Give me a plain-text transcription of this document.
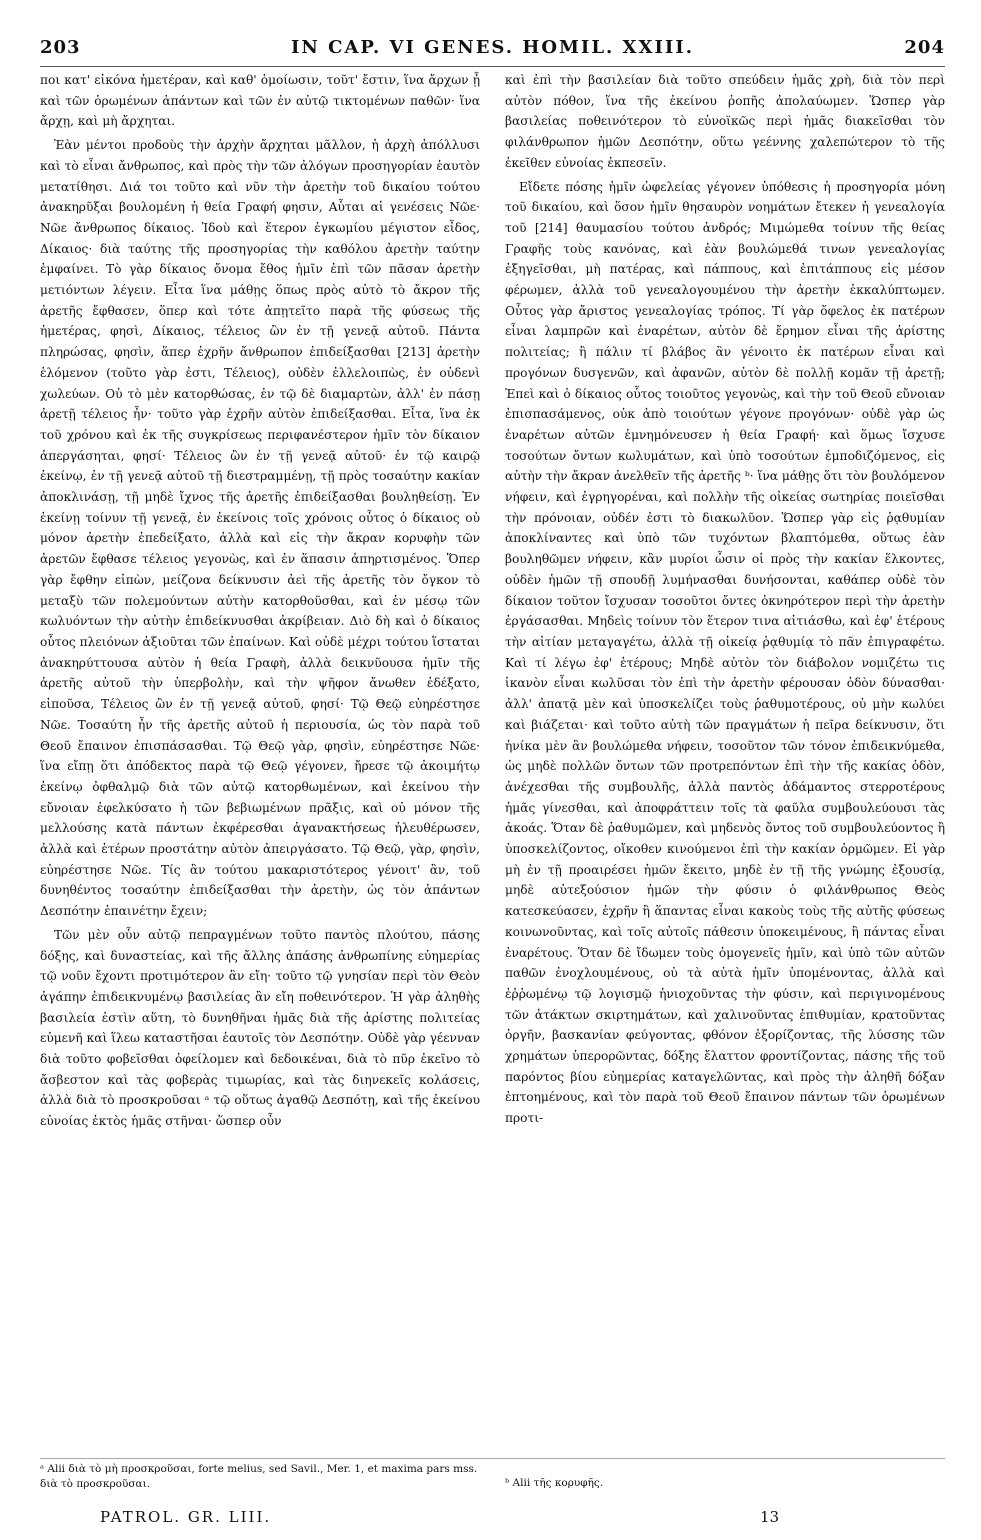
203	IN CAP. VI GENES. HOMIL. XXIII.	204

ποι κατ' εἰκόνα ἡμετέραν, καὶ καθ' ὁμοίωσιν, τοῦτ' ἔστιν, ἵνα ἄρχων ᾖ καὶ τῶν ὁρωμένων ἁπάντων καὶ τῶν ἐν αὐτῷ τικτομένων παθῶν· ἵνα ἄρχῃ, καὶ μὴ ἄρχηται.

Ἐὰν μέντοι προδοὺς τὴν ἀρχὴν ἄρχηται μᾶλλον, ἡ ἀρχὴ ἀπόλλυσι καὶ τὸ εἶναι ἄνθρωπος, καὶ πρὸς τὴν τῶν ἀλόγων προσηγορίαν ἑαυτὸν μετατίθησι. Διά τοι τοῦτο καὶ νῦν τὴν ἀρετὴν τοῦ δικαίου τούτου ἀνακηρῦξαι βουλομένη ἡ θεία Γραφή φησιν, Αὗται αἱ γενέσεις Νῶε· Νῶε ἄνθρωπος δίκαιος. Ἰδοὺ καὶ ἕτερον ἐγκωμίου μέγιστον εἶδος, Δίκαιος· διὰ ταύτης τῆς προσηγορίας τὴν καθόλου ἀρετὴν ταύτην ἐμφαίνει. Τὸ γὰρ δίκαιος ὄνομα ἔθος ἡμῖν ἐπὶ τῶν πᾶσαν ἀρετὴν μετιόντων λέγειν. Εἶτα ἵνα μάθῃς ὅπως πρὸς αὐτὸ τὸ ἄκρον τῆς ἀρετῆς ἔφθασεν, ὅπερ καὶ τότε ἀπῃτεῖτο παρὰ τῆς φύσεως τῆς ἡμετέρας, φησὶ, Δίκαιος, τέλειος ὢν ἐν τῇ γενεᾷ αὐτοῦ. Πάντα πληρώσας, φησὶν, ἅπερ ἐχρῆν ἄνθρωπον ἐπιδείξασθαι [213] ἀρετὴν ἑλόμενον (τοῦτο γὰρ ἐστι, Τέλειος), οὐδὲν ἐλλελοιπὼς, ἐν οὐδενὶ χωλεύων. Οὐ τὸ μὲν κατορθώσας, ἐν τῷ δὲ διαμαρτὼν, ἀλλ' ἐν πάσῃ ἀρετῇ τέλειος ἦν· τοῦτο γὰρ ἐχρῆν αὐτὸν ἐπιδείξασθαι. Εἶτα, ἵνα ἐκ τοῦ χρόνου καὶ ἐκ τῆς συγκρίσεως περιφανέστερον ἡμῖν τὸν δίκαιον ἀπεργάσηται, φησί· Τέλειος ὢν ἐν τῇ γενεᾷ αὐτοῦ· ἐν τῷ καιρῷ ἐκείνῳ, ἐν τῇ γενεᾷ αὐτοῦ τῇ διεστραμμένῃ, τῇ πρὸς τοσαύτην κακίαν ἀποκλινάσῃ, τῇ μηδὲ ἴχνος τῆς ἀρετῆς ἐπιδείξασθαι βουληθείσῃ. Ἐν ἐκείνῃ τοίνυν τῇ γενεᾷ, ἐν ἐκείνοις τοῖς χρόνοις οὗτος ὁ δίκαιος οὐ μόνον ἀρετὴν ἐπεδείξατο, ἀλλὰ καὶ εἰς τὴν ἄκραν κορυφὴν τῶν ἀρετῶν ἔφθασε τέλειος γεγονὼς, καὶ ἐν ἅπασιν ἀπηρτισμένος. Ὅπερ γὰρ ἔφθην εἰπὼν, μείζονα δείκνυσιν ἀεὶ τῆς ἀρετῆς τὸν ὄγκον τὸ μεταξὺ τῶν πολεμούντων αὐτὴν κατορθοῦσθαι, καὶ ἐν μέσῳ τῶν κωλυόντων τὴν αὐτὴν ἐπιδείκνυσθαι ἀκρίβειαν. Διὸ δὴ καὶ ὁ δίκαιος οὗτος πλειόνων ἀξιοῦται τῶν ἐπαίνων. Καὶ οὐδὲ μέχρι τούτου ἵσταται ἀνακηρύττουσα αὐτὸν ἡ θεία Γραφὴ, ἀλλὰ δεικνῦουσα ἡμῖν τῆς ἀρετῆς αὐτοῦ τὴν ὑπερβολὴν, καὶ τὴν ψῆφον ἄνωθεν ἐδέξατο, εἰποῦσα, Τέλειος ὢν ἐν τῇ γενεᾷ αὐτοῦ, φησί· Τῷ Θεῷ εὐηρέστησε Νῶε. Τοσαύτη ἦν τῆς ἀρετῆς αὐτοῦ ἡ περιουσία, ὡς τὸν παρὰ τοῦ Θεοῦ ἔπαινον ἐπισπάσασθαι. Τῷ Θεῷ γὰρ, φησὶν, εὐηρέστησε Νῶε· ἵνα εἴπῃ ὅτι ἀπόδεκτος παρὰ τῷ Θεῷ γέγονεν, ἤρεσε τῷ ἀκοιμήτῳ ἐκείνῳ ὀφθαλμῷ διὰ τῶν αὐτῷ κατορθωμένων, καὶ ἐκείνου τὴν εὔνοιαν ἐφελκύσατο ἡ τῶν βεβιωμένων πρᾶξις, καὶ οὐ μόνον τῆς μελλούσης κατὰ πάντων ἐκφέρεσθαι ἀγανακτήσεως ἠλευθέρωσεν, ἀλλὰ καὶ ἑτέρων προστάτην αὐτὸν ἀπειργάσατο. Τῷ Θεῷ, γὰρ, φησὶν, εὐηρέστησε Νῶε. Τίς ἂν τούτου μακαριστότερος γένοιτ' ἂν, τοῦ δυνηθέντος τοσαύτην ἐπιδείξασθαι τὴν ἀρετὴν, ὡς τὸν ἁπάντων Δεσπότην ἐπαινέτην ἔχειν;

Τῶν μὲν οὖν αὐτῷ πεπραγμένων τοῦτο παντὸς πλούτου, πάσης δόξης, καὶ δυναστείας, καὶ τῆς ἄλλης ἁπάσης ἀνθρωπίνης εὐημερίας τῷ νοῦν ἔχοντι προτιμότερον ἂν εἴη· τοῦτο τῷ γνησίαν περὶ τὸν Θεὸν ἀγάπην ἐπιδεικνυμένῳ βασιλείας ἂν εἴη ποθεινότερον. Ἡ γὰρ ἀληθὴς βασιλεία ἐστὶν αὕτη, τὸ δυνηθῆναι ἡμᾶς διὰ τῆς ἀρίστης πολιτείας εὐμενῆ καὶ ἵλεω καταστῆσαι ἑαυτοῖς τὸν Δεσπότην. Οὐδὲ γὰρ γέενναν διὰ τοῦτο φοβεῖσθαι ὀφείλομεν καὶ δεδοικέναι, διὰ τὸ πῦρ ἐκεῖνο τὸ ἄσβεστον καὶ τὰς φοβερὰς τιμωρίας, καὶ τὰς διηνεκεῖς κολάσεις, ἀλλὰ διὰ τὸ προσκροῦσαι ᵃ τῷ οὕτως ἀγαθῷ Δεσπότῃ, καὶ τῆς ἐκείνου εὐνοίας ἐκτὸς ἡμᾶς στῆναι· ὥσπερ οὖν

καὶ ἐπὶ τὴν βασιλείαν διὰ τοῦτο σπεύδειν ἡμᾶς χρὴ, διὰ τὸν περὶ αὐτὸν πόθον, ἵνα τῆς ἐκείνου ῥοπῆς ἀπολαύωμεν. Ὥσπερ γὰρ βασιλείας ποθεινότερον τὸ εὐνοϊκῶς περὶ ἡμᾶς διακεῖσθαι τὸν φιλάνθρωπον ἡμῶν Δεσπότην, οὕτω γεέννης χαλεπώτερον τὸ τῆς ἐκεῖθεν εὐνοίας ἐκπεσεῖν.

Εἴδετε πόσης ἡμῖν ὠφελείας γέγονεν ὑπόθεσις ἡ προσηγορία μόνη τοῦ δικαίου, καὶ ὅσον ἡμῖν θησαυρὸν νοημάτων ἔτεκεν ἡ γενεαλογία τοῦ [214] θαυμασίου τούτου ἀνδρός; Μιμώμεθα τοίνυν τῆς θείας Γραφῆς τοὺς κανόνας, καὶ ἐὰν βουλώμεθά τινων γενεαλογίας ἐξηγεῖσθαι, μὴ πατέρας, καὶ πάππους, καὶ ἐπιτάππους εἰς μέσον φέρωμεν, ἀλλὰ τοῦ γενεαλογουμένου τὴν ἀρετὴν ἐκκαλύπτωμεν. Οὗτος γὰρ ἄριστος γενεαλογίας τρόπος. Τί γὰρ ὄφελος ἐκ πατέρων εἶναι λαμπρῶν καὶ ἐναρέτων, αὐτὸν δὲ ἔρημον εἶναι τῆς ἀρίστης πολιτείας; ἢ πάλιν τί βλάβος ἂν γένοιτο ἐκ πατέρων εἶναι καὶ προγόνων δυσγενῶν, καὶ ἀφανῶν, αὐτὸν δὲ πολλῇ κομᾶν τῇ ἀρετῇ; Ἐπεὶ καὶ ὁ δίκαιος οὗτος τοιοῦτος γεγονὼς, καὶ τὴν τοῦ Θεοῦ εὔνοιαν ἐπισπασάμενος, οὐκ ἀπὸ τοιούτων γέγονε προγόνων· οὐδὲ γὰρ ὡς ἐναρέτων αὐτῶν ἐμνημόνευσεν ἡ θεία Γραφή· καὶ ὅμως ἴσχυσε τοσούτων ὄντων κωλυμάτων, καὶ ὑπὸ τοσούτων ἐμποδιζόμενος, εἰς αὐτὴν τὴν ἄκραν ἀνελθεῖν τῆς ἀρετῆς ᵇ· ἵνα μάθῃς ὅτι τὸν βουλόμενον νήφειν, καὶ ἐγρηγορέναι, καὶ πολλὴν τῆς οἰκείας σωτηρίας ποιεῖσθαι τὴν πρόνοιαν, οὐδέν ἐστι τὸ διακωλῦον. Ὥσπερ γὰρ εἰς ῥᾳθυμίαν ἀποκλίναντες καὶ ὑπὸ τῶν τυχόντων βλαπτόμεθα, οὕτως ἐὰν βουληθῶμεν νήφειν, κἂν μυρίοι ὦσιν οἱ πρὸς τὴν κακίαν ἕλκοντες, οὐδὲν ἡμῶν τῇ σπουδῇ λυμήνασθαι δυνήσονται, καθάπερ οὐδὲ τὸν δίκαιον τοῦτον ἴσχυσαν τοσοῦτοι ὄντες ὀκνηρότερον περὶ τὴν ἀρετὴν ἐργάσασθαι. Μηδεὶς τοίνυν τὸν ἕτερον τινα αἰτιάσθω, καὶ ἐφ' ἑτέρους τὴν αἰτίαν μεταγαγέτω, ἀλλὰ τῇ οἰκείᾳ ῥᾳθυμίᾳ τὸ πᾶν ἐπιγραφέτω. Καὶ τί λέγω ἐφ' ἑτέρους; Μηδὲ αὐτὸν τὸν διάβολον νομιζέτω τις ἱκανὸν εἶναι κωλῦσαι τὸν ἐπὶ τὴν ἀρετὴν φέρουσαν ὁδὸν δύνασθαι· ἀλλ' ἀπατᾷ μὲν καὶ ὑποσκελίζει τοὺς ῥαθυμοτέρους, οὐ μὴν κωλύει καὶ βιάζεται· καὶ τοῦτο αὐτὴ τῶν πραγμάτων ἡ πεῖρα δείκνυσιν, ὅτι ἡνίκα μὲν ἂν βουλώμεθα νήφειν, τοσοῦτον τῶν τόνον ἐπιδεικνύμεθα, ὡς μηδὲ πολλῶν ὄντων τῶν προτρεπόντων ἐπὶ τὴν τῆς κακίας ὁδὸν, ἀνέχεσθαι τῆς συμβουλῆς, ἀλλὰ παντὸς ἀδάμαντος στερροτέρους ἡμᾶς γίνεσθαι, καὶ ἀποφράττειν τοῖς τὰ φαῦλα συμβουλεύουσι τὰς ἀκοάς. Ὅταν δὲ ῥαθυμῶμεν, καὶ μηδενὸς ὄντος τοῦ συμβουλεύοντος ἢ ὑποσκελίζοντος, οἴκοθεν κινούμενοι ἐπὶ τὴν κακίαν ὁρμῶμεν. Εἰ γὰρ μὴ ἐν τῇ προαιρέσει ἡμῶν ἔκειτο, μηδὲ ἐν τῇ τῆς γνώμης ἐξουσίᾳ, μηδὲ αὐτεξούσιον ἡμῶν τὴν φύσιν ὁ φιλάνθρωπος Θεὸς κατεσκεύασεν, ἐχρῆν ἢ ἅπαντας εἶναι κακοὺς τοὺς τῆς αὐτῆς φύσεως κοινωνοῦντας, καὶ τοῖς αὐτοῖς πάθεσιν ὑποκειμένους, ἢ πάντας εἶναι ἐναρέτους. Ὅταν δὲ ἴδωμεν τοὺς ὁμογενεῖς ἡμῖν, καὶ ὑπὸ τῶν αὐτῶν παθῶν ἐνοχλουμένους, οὐ τὰ αὐτὰ ἡμῖν ὑπομένοντας, ἀλλὰ καὶ ἐῤῥωμένῳ τῷ λογισμῷ ἡνιοχοῦντας τὴν φύσιν, καὶ περιγινομένους τῶν ἀτάκτων σκιρτημάτων, καὶ χαλινοῦντας ἐπιθυμίαν, κρατοῦντας ὀργῆν, βασκανίαν φεύγοντας, φθόνον ἐξορίζοντας, τῆς λύσσης τῶν χρημάτων ὑπερορῶντας, δόξης ἔλαττον φροντίζοντας, πάσης τῆς τοῦ παρόντος βίου εὐημερίας καταγελῶντας, καὶ πρὸς τὴν ἀληθῆ δόξαν ἐπτοημένους, καὶ τὸν παρὰ τοῦ Θεοῦ ἔπαινον πάντων τῶν ὁρωμένων προτι-

ᵃ Alii διὰ τὸ μὴ προσκροῦσαι, forte melius, sed Savil., Mer. 1, et maxima pars mss. διὰ τὸ προσκροῦσαι.	ᵇ Alii τῆς κορυφῆς.
PATROL. GR. LIII.	13
